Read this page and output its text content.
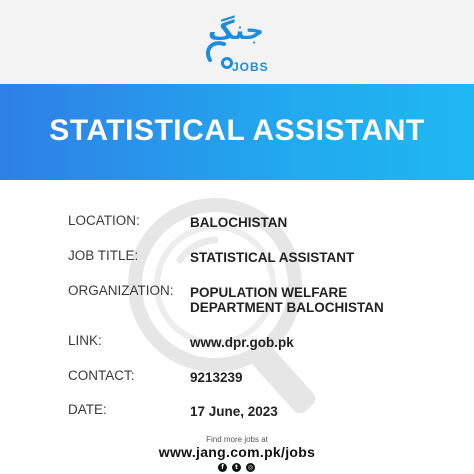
جنگ
JOBS
STATISTICAL ASSISTANT
LOCATION:	BALOCHISTAN
JOB TITLE:	STATISTICAL ASSISTANT
ORGANIZATION: POPULATION WELFARE DEPARTMENT BALOCHISTAN
LINK:	www.dpr.gob.pk
CONTACT:	9213239
DATE:	17 June, 2023
Find more jobs at
www.jang.com.pk/jobs
f	t	◎
